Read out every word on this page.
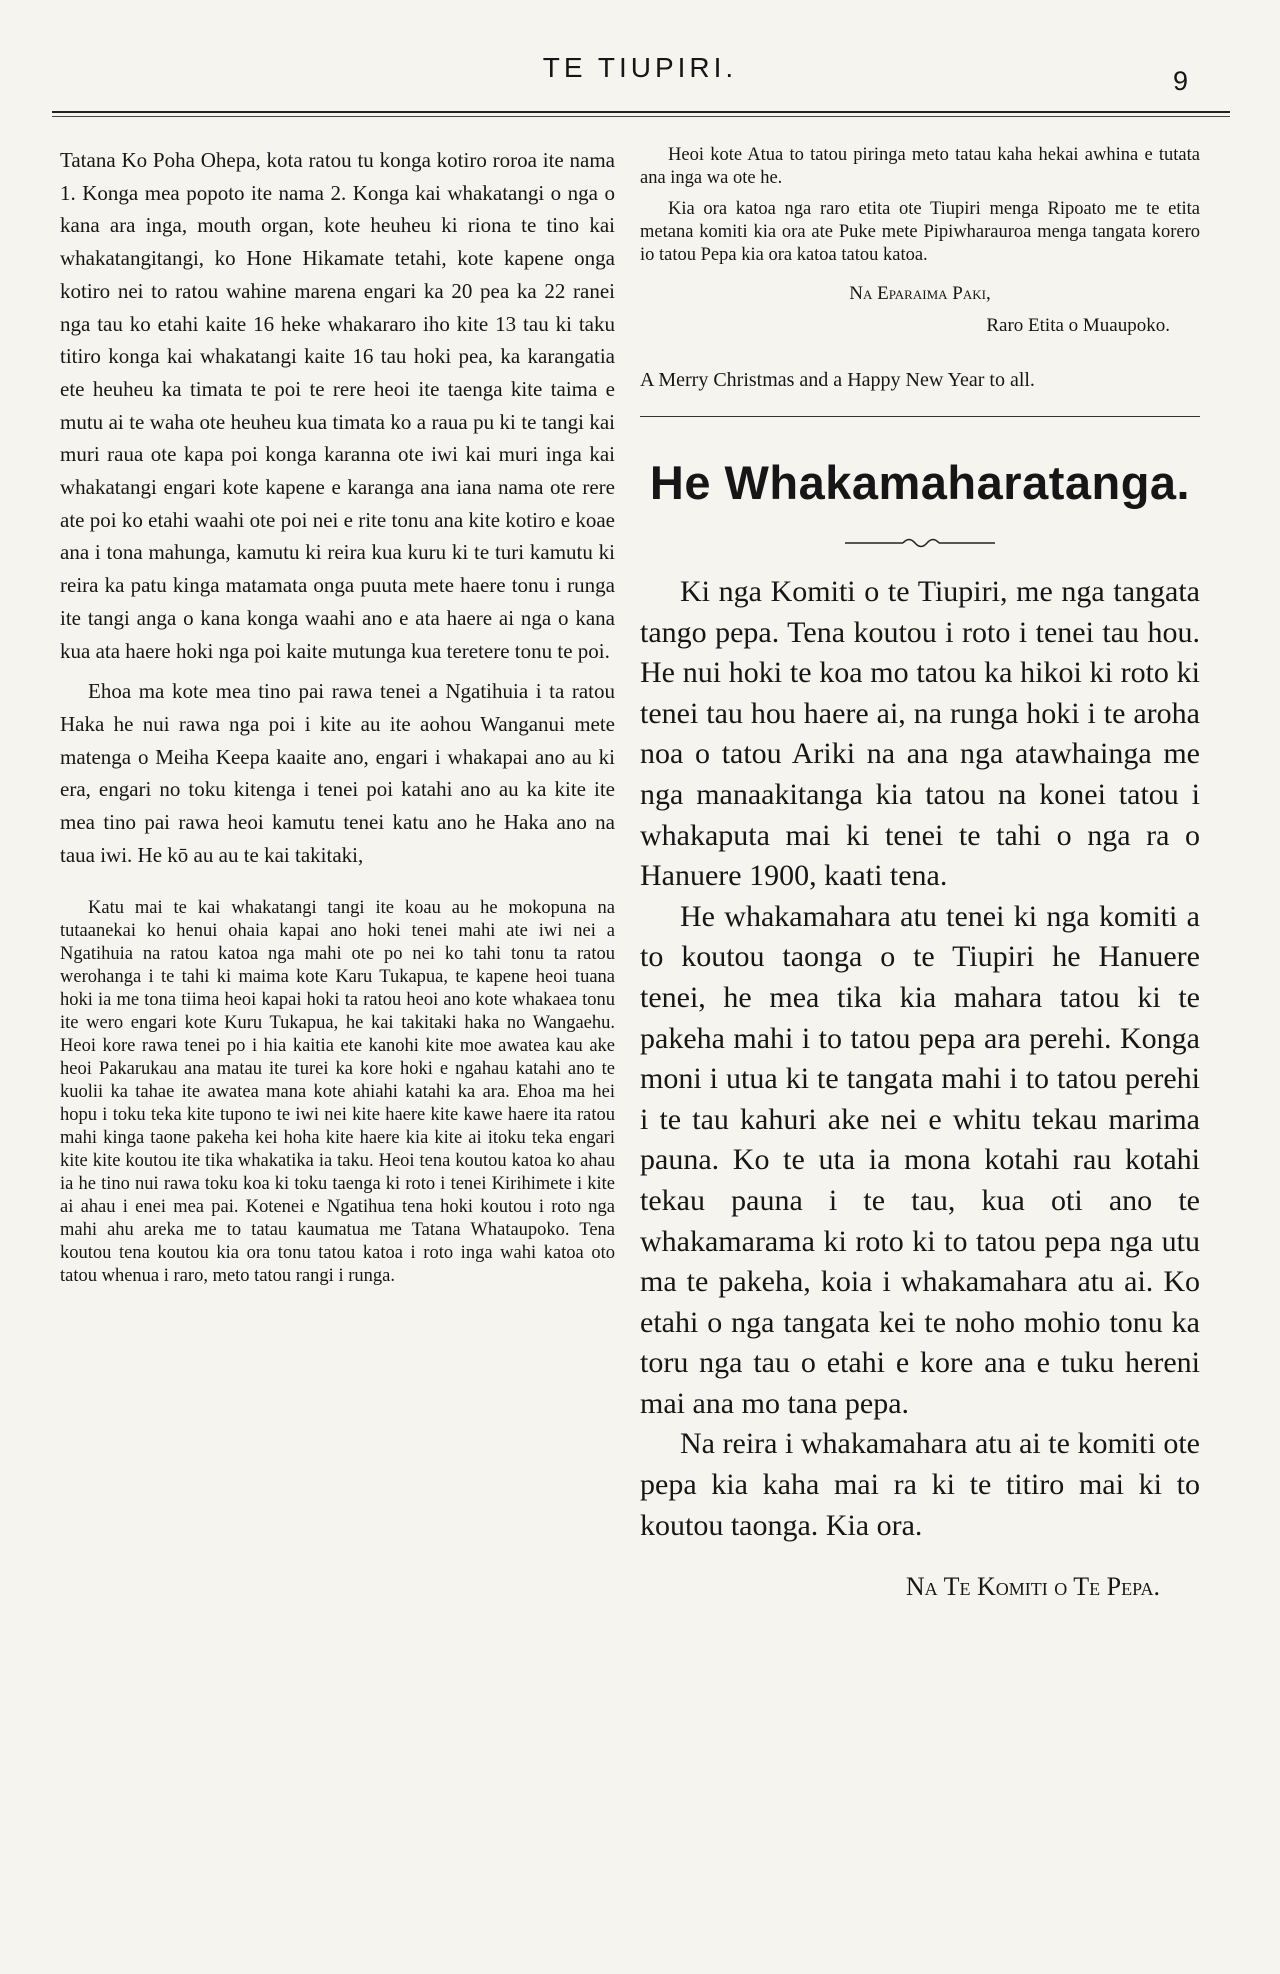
TE TIUPIRI.	9

Tatana Ko Poha Ohepa, kota ratou tu konga kotiro roroa ite nama 1. Konga mea popoto ite nama 2. Konga kai whakatangi o nga o kana ara inga, mouth organ, kote heuheu ki riona te tino kai whakatangitangi, ko Hone Hikamate tetahi, kote kapene onga kotiro nei to ratou wahine marena engari ka 20 pea ka 22 ranei nga tau ko etahi kaite 16 heke whakararo iho kite 13 tau ki taku titiro konga kai whakatangi kaite 16 tau hoki pea, ka karangatia ete heuheu ka timata te poi te rere heoi ite taenga kite taima e mutu ai te waha ote heuheu kua timata ko a raua pu ki te tangi kai muri raua ote kapa poi konga karanna ote iwi kai muri inga kai whakatangi engari kote kapene e karanga ana iana nama ote rere ate poi ko etahi waahi ote poi nei e rite tonu ana kite kotiro e koae ana i tona mahunga, kamutu ki reira kua kuru ki te turi kamutu ki reira ka patu kinga matamata onga puuta mete haere tonu i runga ite tangi anga o kana konga waahi ano e ata haere ai nga o kana kua ata haere hoki nga poi kaite mutunga kua teretere tonu te poi.

Ehoa ma kote mea tino pai rawa tenei a Ngatihuia i ta ratou Haka he nui rawa nga poi i kite au ite aohou Wanganui mete matenga o Meiha Keepa kaaite ano, engari i whakapai ano au ki era, engari no toku kitenga i tenei poi katahi ano au ka kite ite mea tino pai rawa heoi kamutu tenei katu ano he Haka ano na taua iwi. He kō au au te kai takitaki,

Katu mai te kai whakatangi tangi ite koau au he mokopuna na tutaanekai ko henui ohaia kapai ano hoki tenei mahi ate iwi nei a Ngatihuia na ratou katoa nga mahi ote po nei ko tahi tonu ta ratou werohanga i te tahi ki maima kote Karu Tukapua, te kapene heoi tuana hoki ia me tona tiima heoi kapai hoki ta ratou heoi ano kote whakaea tonu ite wero engari kote Kuru Tukapua, he kai takitaki haka no Wangaehu. Heoi kore rawa tenei po i hia kaitia ete kanohi kite moe awatea kau ake heoi Pakarukau ana matau ite turei ka kore hoki e ngahau katahi ano te kuolii ka tahae ite awatea mana kote ahiahi katahi ka ara. Ehoa ma hei hopu i toku teka kite tupono te iwi nei kite haere kite kawe haere ita ratou mahi kinga taone pakeha kei hoha kite haere kia kite ai itoku teka engari kite kite koutou ite tika whakatika ia taku. Heoi tena koutou katoa ko ahau ia he tino nui rawa toku koa ki toku taenga ki roto i tenei Kirihimete i kite ai ahau i enei mea pai. Kotenei e Ngatihua tena hoki koutou i roto nga mahi ahu areka me to tatau kaumatua me Tatana Whataupoko. Tena koutou tena koutou kia ora tonu tatou katoa i roto inga wahi katoa oto tatou whenua i raro, meto tatou rangi i runga.

Heoi kote Atua to tatou piringa meto tatau kaha hekai awhina e tutata ana inga wa ote he.

Kia ora katoa nga raro etita ote Tiupiri menga Ripoato me te etita metana komiti kia ora ate Puke mete Pipiwharauroa menga tangata korero io tatou Pepa kia ora katoa tatou katoa.

Na Eparaima Paki,

Raro Etita o Muaupoko.

A Merry Christmas and a Happy New Year to all.

He Whakamaharatanga.

Ki nga Komiti o te Tiupiri, me nga tangata tango pepa. Tena koutou i roto i tenei tau hou. He nui hoki te koa mo tatou ka hikoi ki roto ki tenei tau hou haere ai, na runga hoki i te aroha noa o tatou Ariki na ana nga atawhainga me nga manaakitanga kia tatou na konei tatou i whakaputa mai ki tenei te tahi o nga ra o Hanuere 1900, kaati tena.

He whakamahara atu tenei ki nga komiti a to koutou taonga o te Tiupiri he Hanuere tenei, he mea tika kia mahara tatou ki te pakeha mahi i to tatou pepa ara perehi. Konga moni i utua ki te tangata mahi i to tatou perehi i te tau kahuri ake nei e whitu tekau marima pauna. Ko te uta ia mona kotahi rau kotahi tekau pauna i te tau, kua oti ano te whakamarama ki roto ki to tatou pepa nga utu ma te pakeha, koia i whakamahara atu ai. Ko etahi o nga tangata kei te noho mohio tonu ka toru nga tau o etahi e kore ana e tuku hereni mai ana mo tana pepa.

Na reira i whakamahara atu ai te komiti ote pepa kia kaha mai ra ki te titiro mai ki to koutou taonga. Kia ora.

Na Te Komiti o Te Pepa.
